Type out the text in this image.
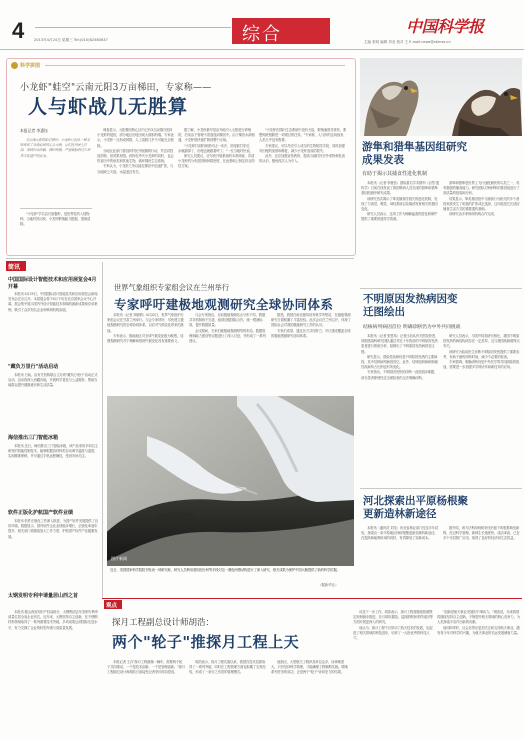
4	2013年4月24日 星期三 Tel:(010)62580637	综合	中国科学报
主编 张明 编辑 刘亚 校对 王 E-mail:news@stimes.cn
科学拼图
小龙虾"蛙空"云南元阳3万亩梯田，专家称——
人与虾战几无胜算
本报记者 李惠钰

在云南元阳的哈尼梯田，小龙虾已经从一种美味变成了当地农民的心头大患。它们在田埂上打洞，导致田水渗漏，梯田垮塌，严重威胁着这片世界文化遗产的安全。

"小龙虾"学名克氏原螯虾，是世界性的入侵物种。当地村民反映，小龙虾繁殖能力极强，很难清除。

调查显示，元阳梯田核心区内已有3万亩梯田受到小龙虾的侵扰，部分地区田埂出现大面积坍塌。专家表示，小龙虾一旦形成种群，人工清除几乎不可能完全根除。

当地农业部门曾组织村民开展捕捞行动，并尝试投放药物，但效果有限。药物在杀灭小龙虾的同时，也会伤害田中的鱼类和其他生物，破坏梯田生态系统。

专家认为，小龙虾之所以能在梯田中迅速扩张，与当地缺乏天敌、水温适宜有关。

据了解，小龙虾最早是由外地引入元阳进行养殖的，后来由于管理不善逃逸到梯田中。由于梯田水源相通，小龙虾很快便扩散到整个区域。

"小龙虾打洞的深度可达一米多，田埂被打穿后，水就漏掉了，田埂也就跟着垮了。"一位当地村民说。

研究人员建议，应尽快开展系统的本底调查，弄清小龙虾的分布范围和种群密度，在此基础上制定综合防控方案。

"小龙虾在梯田生态系统中没有天敌，繁殖速度非常快，要想彻底根除是一项艰巨的任务。"专家称，人与虾的这场战争，人类几乎没有胜算。

专家建议，可以考虑引入适当的生物防控手段，同时加强对田埂的加固和修复，减少小龙虾造成的损失。

此外，还应加强宣传教育，提高当地村民对外来物种危害的认识，避免再次人为引入。

游隼和猎隼基因组研究成果发表
有助于揭示其捕食性进化机制

本报讯（记者 李惠钰）国际著名学术期刊《自然·遗传学》日前在线发表了我国科研人员完成的游隼和猎隼基因组测序研究成果。

该研究首次揭示了隼类捕食性相关的进化机制，发现了与视觉、嗅觉、神经系统以及喙部发育相关的基因变化。

研究人员表示，这项工作为理解猛禽的进化和保护提供了重要的遗传学资源。

游隼和猎隼是世界上飞行速度最快的鸟类之一，具有极强的捕食能力。研究团队对两种隼的基因组进行了高质量的组装和分析。

结果显示，隼类基因组中与捕食行为相关的多个基因家族发生了明显的扩张或正选择，这可能是它们适应捕食生活方式的重要遗传基础。

该研究由多家科研机构合作完成。

简讯
中国国际设计智能技术和应用展览会4月开幕

本报讯 4月23日，中国国际设计智能技术和应用展览会新闻发布会在京召开。本届展会将于4月下旬在北京国家会议中心开幕，展会集中展示国内外设计智能技术领域的最新成果和应用案例，吸引了众多知名企业和科研机构参展。

"藏负万里行"活动启动

本报讯 日前，由有关机构联合主办的"藏负万里行"活动正式启动，活动将深入西藏各地，开展科学普及与公益服务，帮助当地群众提升健康意识和生活质量。

海信推出三门智能冰箱

本报讯 近日，海信推出三门智能冰箱，该产品采用多项自主研发的智能控制技术，能够根据食材种类自动调节温度与湿度，实现精准保鲜，并可通过手机远程操控，受到市场关注。

软件正版化护航国产软件业绩

本报讯 软件正版化工作深入推进，为国产软件发展提供了良好环境。数据显示，国内软件企业业绩稳步增长，正版化率逐年提升，相关部门将继续加大工作力度，护航国产软件产业健康发展。

太钢发明专利申请量居山西之首

本报讯 据山西省知识产权局统计，太钢集团去年发明专利申请量位居全省企业首位。近年来，太钢坚持自主创新，在不锈钢材料领域取得了一系列重要技术突破，多项成果达到国际先进水平，有力支撑了企业的转型升级与高质量发展。

世界气象组织专家组会议在兰州举行
专家呼吁建极地观测研究全球协同体系

本报讯（记者 刘晓倩）4月22日，世界气象组织专家组会议在甘肃兰州举行。与会专家呼吁，尽快建立极地观测研究的全球协同体系，以应对气候变化带来的挑战。

专家表示，极地地区对全球气候变化极为敏感，加强观测研究对于理解和预测气候变化具有重要意义。

与会专家指出，目前极地观测站点分布不均，数据共享机制尚不完善，亟须加强国际合作，统一观测标准，提升数据质量。

会议期间，专家们就极地观测网络的布局、数据管理和能力建设等议题进行了深入讨论，并形成了一系列建议。

据悉，我国在南北极均设有科学考察站，在极地观测研究方面积累了丰富经验。此次会议在兰州召开，体现了国际社会对我国极地研究工作的认可。

专家们希望，通过各方共同努力，早日建成覆盖全球的极地观测研究协同体系。

图片新闻
近日，美国国家科学院院刊发表一项研究称，研究人员利用基因组分析等手段对这一濒危两栖动物进行了深入研究，相关成果为保护中国大鲵提供了新的科学依据。
（据新华社）
不明原因发热病因变迁图绘出
结核病列病因首位 明确诊断仍为中外共同挑战

本报讯（记者 张思玮）记者日前从有关医院获悉，该院感染科研究团队通过对近十年收治的不明原因发热患者进行系统分析，绘制出了不明原因发热病因变迁图。

研究显示，感染性疾病仍是不明原因发热的主要病因，其中结核病列病因首位。此外，结缔组织病和肿瘤性疾病所占比例也有所变化。

专家指出，不明原因发热的诊断一直是临床难题，部分患者即使经过全面检查仍无法明确诊断。

研究人员表示，与国外同类研究相比，我国不明原因发热的病因构成存在一定差异，这与我国疾病谱特点有关。

该研究为临床医生诊断不明原因发热提供了重要参考，有助于缩短诊断时间，减少不必要的检查。

专家强调，明确诊断仍是中外医学界共同面临的挑战，需要进一步加强多学科协作和新技术的应用。

河北探索出平原杨根聚更新造林新途径

本报讯（通讯员 刘龙）河北省林业部门经过多年试验，探索出一条平原地区杨树根聚更新造林的新途径，在提高林地利用率的同时，有效降低了造林成本。

据介绍，该方法利用杨树采伐后留下的根系萌发新株，经过科学管理，新林生长速度快、成活率高，已在多个市县推广应用，取得了良好的经济和生态效益。

观点
探月工程副总设计师胡浩：
两个"轮子"推探月工程上天

本报记者 王卉"探月工程就像一辆车，需要两个轮子共同推动，一个是技术创新，一个是管理创新。"探月工程副总设计师胡浩日前接受记者采访时如是说。

胡浩表示，探月工程实施以来，我国在技术层面取得了一系列突破，同时在工程管理方面也积累了宝贵经验，形成了一套行之有效的管理模式。

他指出，大型航天工程涉及单位众多，协调难度大，只有坚持科学管理，才能确保工程顺利实施。嫦娥系列任务的成功，正是两个"轮子"协同发力的结果。

谈及下一步工作，胡浩表示，探月工程将继续按照既定规划稳步推进，在月球软着陆、巡视勘察和采样返回等方面开展更深入的研究。

他认为，探月工程不仅带动了航天技术的发展，也促进了相关领域的科技进步，培养了一大批优秀的科技人才。

"创新是航天事业发展的不竭动力。"胡浩说，未来我国将继续坚持自主创新，不断提升航天领域的核心竞争力，为人类探索宇宙作出新的贡献。

他同时呼吁，社会各界应更加关注和支持航天事业，激发青少年对科学的兴趣，为航天事业的长远发展储备力量。
